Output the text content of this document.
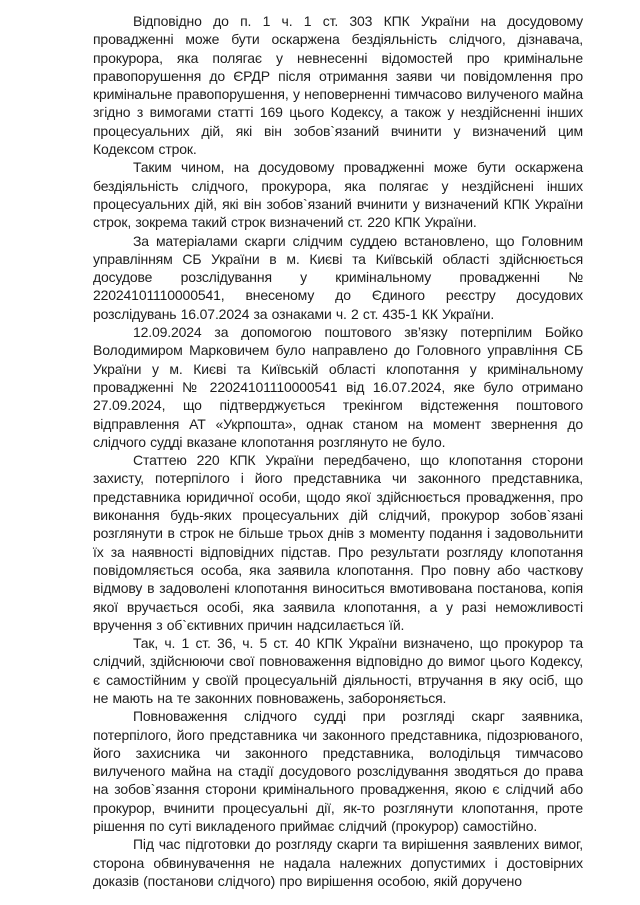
Відповідно до п. 1 ч. 1 ст. 303 КПК України на досудовому провадженні може бути оскаржена бездіяльність слідчого, дізнавача, прокурора, яка полягає у невнесенні відомостей про кримінальне правопорушення до ЄРДР після отримання заяви чи повідомлення про кримінальне правопорушення, у неповерненні тимчасово вилученого майна згідно з вимогами статті 169 цього Кодексу, а також у нездійсненні інших процесуальних дій, які він зобов`язаний вчинити у визначений цим Кодексом строк.

Таким чином, на досудовому провадженні може бути оскаржена бездіяльність слідчого, прокурора, яка полягає у нездійснені інших процесуальних дій, які він зобов`язаний вчинити у визначений КПК України строк, зокрема такий строк визначений ст. 220 КПК України.

За матеріалами скарги слідчим суддею встановлено, що Головним управлінням СБ України в м. Києві та Київській області здійснюється досудове розслідування у кримінальному провадженні № 22024101110000541, внесеному до Єдиного реєстру досудових розслідувань 16.07.2024 за ознаками ч. 2 ст. 435-1 КК України.

12.09.2024 за допомогою поштового зв’язку потерпілим Бойко Володимиром Марковичем було направлено до Головного управління СБ України у м. Києві та Київській області клопотання у кримінальному провадженні № 22024101110000541 від 16.07.2024, яке було отримано 27.09.2024, що підтверджується трекінгом відстеження поштового відправлення АТ «Укрпошта», однак станом на момент звернення до слідчого судді вказане клопотання розглянуто не було.

Статтею 220 КПК України передбачено, що клопотання сторони захисту, потерпілого і його представника чи законного представника, представника юридичної особи, щодо якої здійснюється провадження, про виконання будь-яких процесуальних дій слідчий, прокурор зобов`язані розглянути в строк не більше трьох днів з моменту подання і задовольнити їх за наявності відповідних підстав. Про результати розгляду клопотання повідомляється особа, яка заявила клопотання. Про повну або часткову відмову в задоволені клопотання виноситься вмотивована постанова, копія якої вручається особі, яка заявила клопотання, а у разі неможливості вручення з об`єктивних причин надсилається їй.

Так, ч. 1 ст. 36, ч. 5 ст. 40 КПК України визначено, що прокурор та слідчий, здійснюючи свої повноваження відповідно до вимог цього Кодексу, є самостійним у своїй процесуальній діяльності, втручання в яку осіб, що не мають на те законних повноважень, забороняється.

Повноваження слідчого судді при розгляді скарг заявника, потерпілого, його представника чи законного представника, підозрюваного, його захисника чи законного представника, володільця тимчасово вилученого майна на стадії досудового розслідування зводяться до права на зобов`язання сторони кримінального провадження, якою є слідчий або прокурор, вчинити процесуальні дії, як-то розглянути клопотання, проте рішення по суті викладеного приймає слідчий (прокурор) самостійно.

Під час підготовки до розгляду скарги та вирішення заявлених вимог, сторона обвинувачення не надала належних допустимих і достовірних доказів (постанови слідчого) про вирішення особою, якій доручено
